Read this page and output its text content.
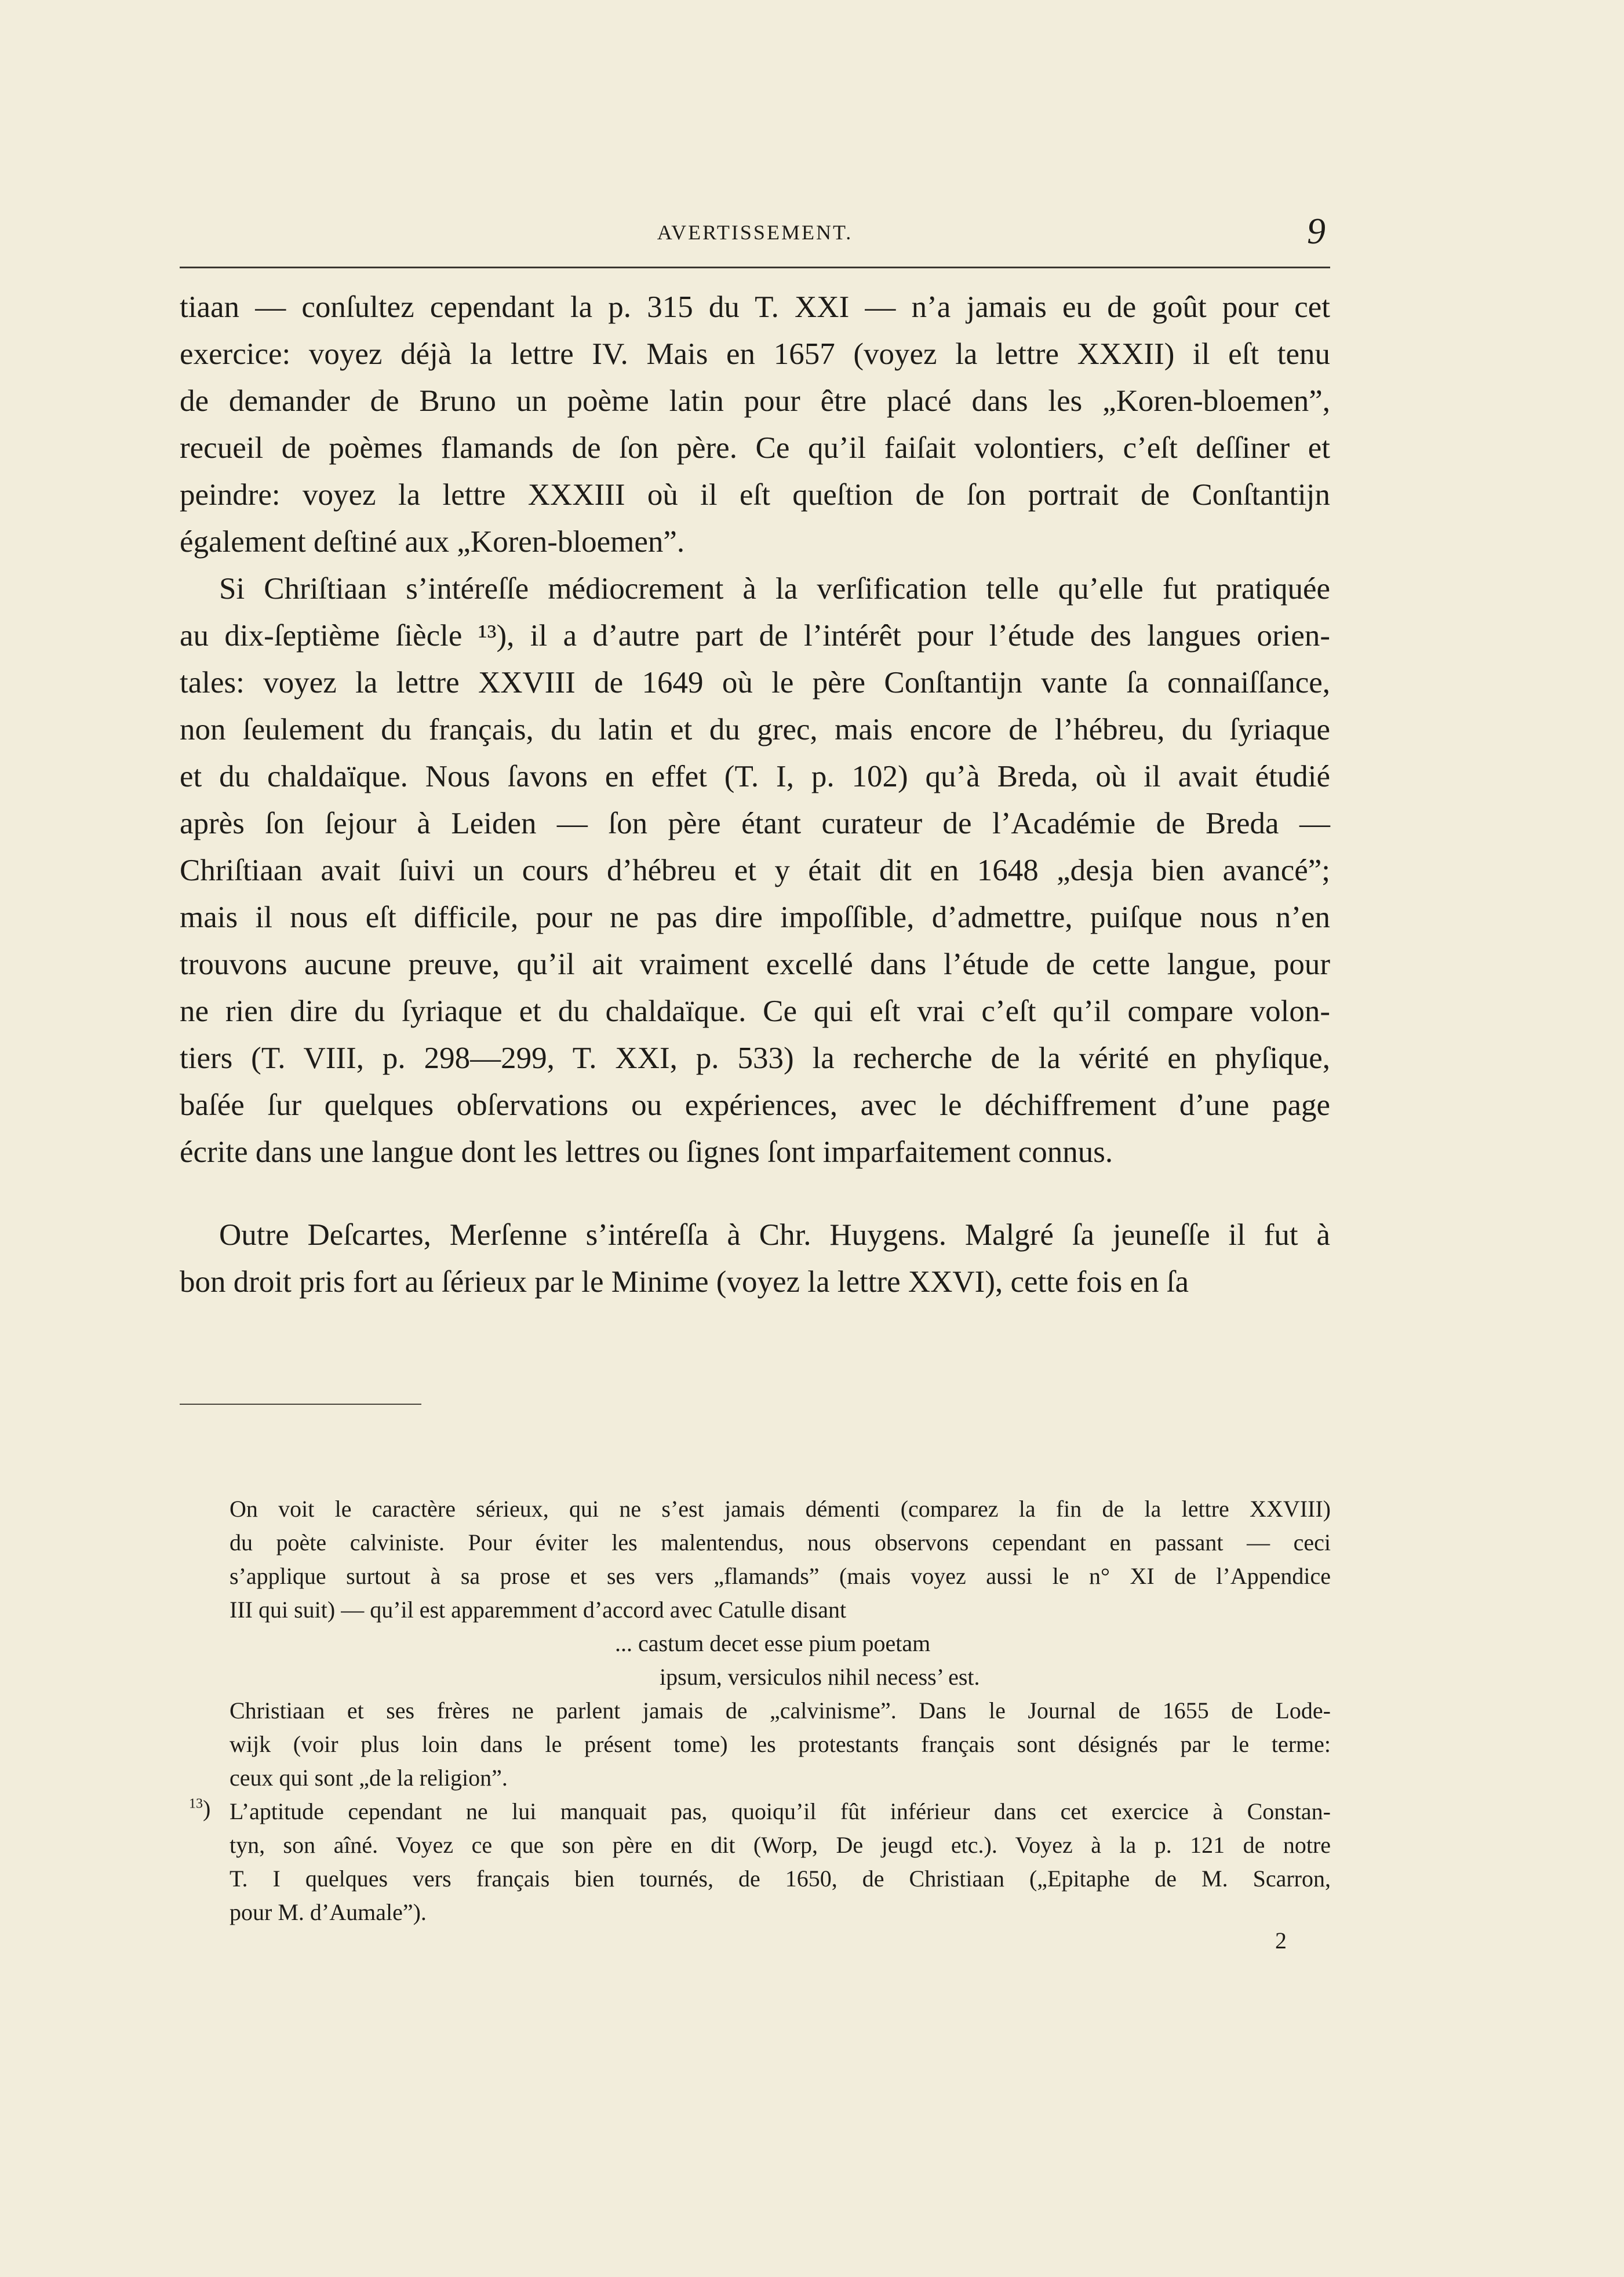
AVERTISSEMENT.	9
tiaan — conſultez cependant la p. 315 du T. XXI — n’a jamais eu de goût pour cet
exercice: voyez déjà la lettre IV. Mais en 1657 (voyez la lettre XXXII) il eſt tenu
de demander de Bruno un poème latin pour être placé dans les „Koren-bloemen”,
recueil de poèmes flamands de ſon père. Ce qu’il faiſait volontiers, c’eſt deſſiner et
peindre: voyez la lettre XXXIII où il eſt queſtion de ſon portrait de Conſtantijn
également deſtiné aux „Koren-bloemen”.
Si Chriſtiaan s’intéreſſe médiocrement à la verſification telle qu’elle fut pratiquée
au dix-ſeptième ſiècle ¹³), il a d’autre part de l’intérêt pour l’étude des langues orien-
tales: voyez la lettre XXVIII de 1649 où le père Conſtantijn vante ſa connaiſſance,
non ſeulement du français, du latin et du grec, mais encore de l’hébreu, du ſyriaque
et du chaldaïque. Nous ſavons en effet (T. I, p. 102) qu’à Breda, où il avait étudié
après ſon ſejour à Leiden — ſon père étant curateur de l’Académie de Breda —
Chriſtiaan avait ſuivi un cours d’hébreu et y était dit en 1648 „desja bien avancé”;
mais il nous eſt difficile, pour ne pas dire impoſſible, d’admettre, puiſque nous n’en
trouvons aucune preuve, qu’il ait vraiment excellé dans l’étude de cette langue, pour
ne rien dire du ſyriaque et du chaldaïque. Ce qui eſt vrai c’eſt qu’il compare volon-
tiers (T. VIII, p. 298—299, T. XXI, p. 533) la recherche de la vérité en phyſique,
baſée ſur quelques obſervations ou expériences, avec le déchiffrement d’une page
écrite dans une langue dont les lettres ou ſignes ſont imparfaitement connus.
Outre Deſcartes, Merſenne s’intéreſſa à Chr. Huygens. Malgré ſa jeuneſſe il fut à
bon droit pris fort au ſérieux par le Minime (voyez la lettre XXVI), cette fois en ſa
On voit le caractère sérieux, qui ne s’est jamais démenti (comparez la fin de la lettre XXVIII)
du poète calviniste. Pour éviter les malentendus, nous observons cependant en passant — ceci
s’applique surtout à sa prose et ses vers „flamands” (mais voyez aussi le n° XI de l’Appendice
III qui suit) — qu’il est apparemment d’accord avec Catulle disant
... castum decet esse pium poetam
ipsum, versiculos nihil necess’ est.
Christiaan et ses frères ne parlent jamais de „calvinisme”. Dans le Journal de 1655 de Lode-
wijk (voir plus loin dans le présent tome) les protestants français sont désignés par le terme:
ceux qui sont „de la religion”.
$^{13}$) L’aptitude cependant ne lui manquait pas, quoiqu’il fût inférieur dans cet exercice à Constan-
tyn, son aîné. Voyez ce que son père en dit (Worp, De jeugd etc.). Voyez à la p. 121 de notre
T. I quelques vers français bien tournés, de 1650, de Christiaan („Epitaphe de M. Scarron,
pour M. d’Aumale”).
2
